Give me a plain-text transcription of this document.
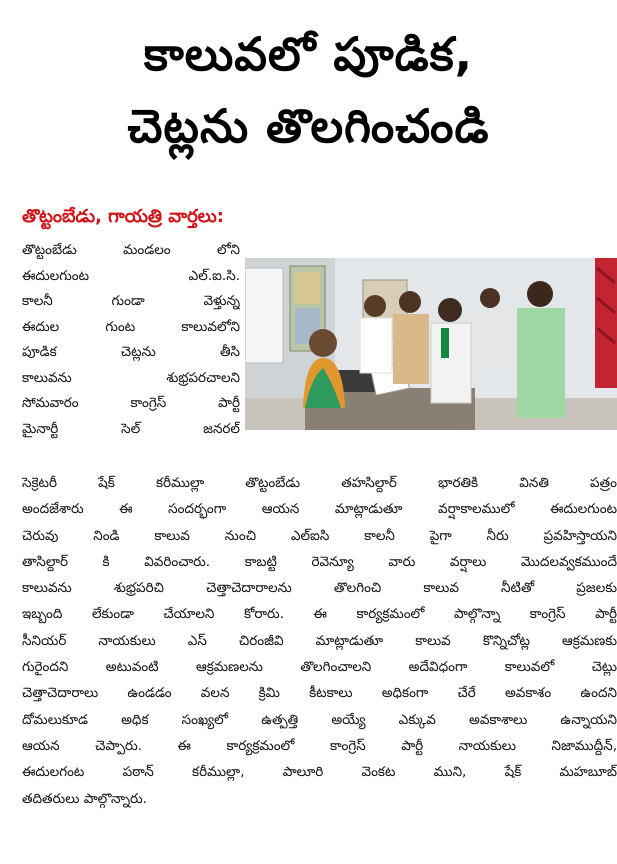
కాలువలో పూడిక,
చెట్లను తొలగించండి
తొట్టంబేడు, గాయత్రి వార్తలు:
తొట్టంబేడు మండలం లోని
ఈదులగుంట ఎల్.ఐ.సి.
కాలనీ గుండా వెళ్తున్న
ఈదుల గుంట కాలువలోని
పూడిక చెట్లను తీసి
కాలువను శుభ్రపరచాలని
సోమవారం కాంగ్రెస్ పార్టీ
మైనార్టీ సెల్ జనరల్
సెక్రెటరీ షేక్ కరీముల్లా తొట్టంబేడు తహసిల్దార్ భారతికి వినతి పత్రం
అందజేశారు ఈ సందర్భంగా ఆయన మాట్లాడుతూ వర్షాకాలములో ఈదులగుంట
చెరువు నిండి కాలువ నుంచి ఎల్ఐసి కాలనీ పైగా నీరు ప్రవహిస్తాయని
తాసిల్దార్ కి వివరించారు. కాబట్టి రెవెన్యూ వారు వర్షాలు మొదలవ్వకముందే
కాలువను శుభ్రపరిచి చెత్తాచెదారాలను తొలగించి కాలువ నీటితో ప్రజలకు
ఇబ్బంది లేకుండా చేయాలని కోరారు. ఈ కార్యక్రమంలో పాల్గొన్నా కాంగ్రెస్ పార్టీ
సీనియర్ నాయకులు ఎస్ చిరంజీవి మాట్లాడుతూ కాలువ కొన్నిచోట్ల ఆక్రమణకు
గురైందని అటువంటి ఆక్రమణలను తొలగించాలని అదేవిధంగా కాలువలో చెట్లు
చెత్తాచెదారాలు ఉండడం వలన క్రిమి కీటకాలు అధికంగా చేరే అవకాశం ఉందని
దోమలుకూడ అధిక సంఖ్యలో ఉత్పత్తి అయ్యే ఎక్కువ అవకాశాలు ఉన్నాయని
ఆయన చెప్పారు. ఈ కార్యక్రమంలో కాంగ్రెస్ పార్టీ నాయకులు నిజాముద్దీన్,
ఈదులగంట పఠాన్ కరీముల్లా, పాలూరి వెంకట ముని, షేక్ మహబూబ్
తదితరులు పాల్గొన్నారు.
